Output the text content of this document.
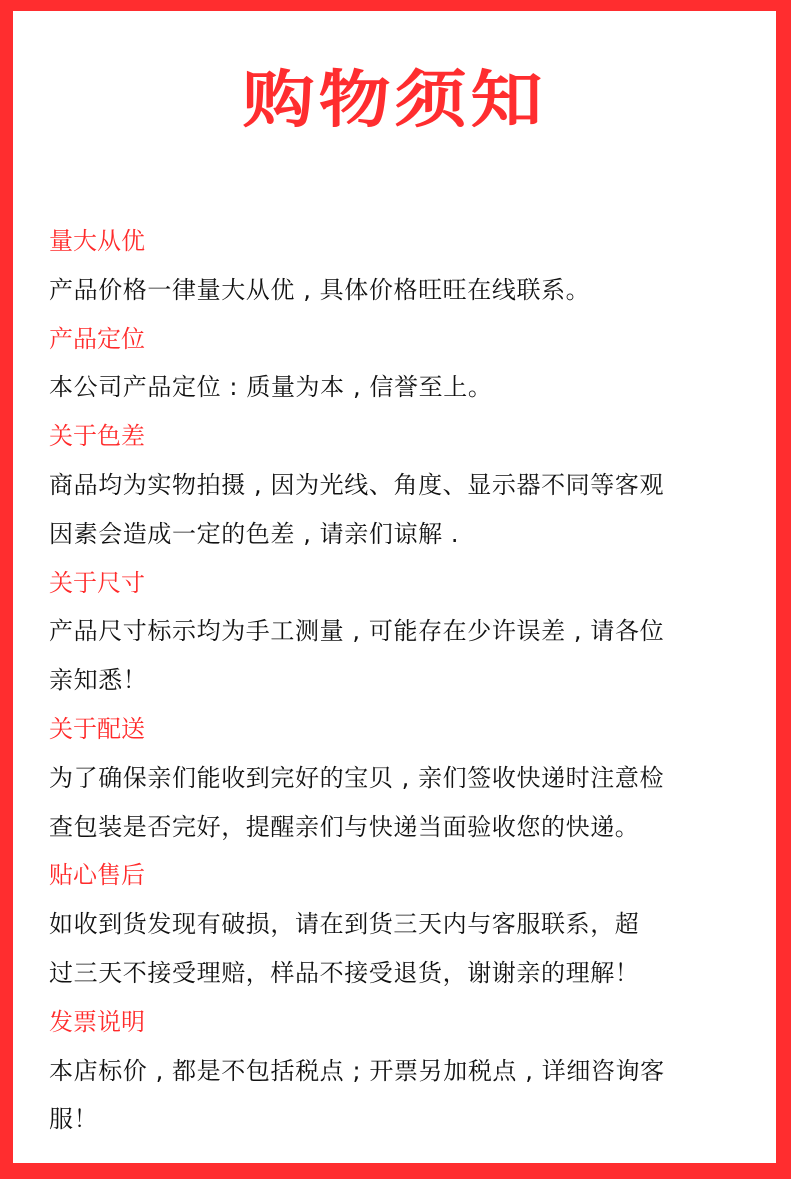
购物须知
量大从优
产品价格一律量大从优 , 具体价格旺旺在线联系。
产品定位
本公司产品定位 : 质量为本 , 信誉至上。
关于色差
商品均为实物拍摄 , 因为光线、角度、显示器不同等客观
因素会造成一定的色差 , 请亲们谅解 .
关于尺寸
产品尺寸标示均为手工测量 , 可能存在少许误差 , 请各位
亲知悉！
关于配送
为了确保亲们能收到完好的宝贝 , 亲们签收快递时注意检
查包装是否完好，提醒亲们与快递当面验收您的快递。
贴心售后
如收到货发现有破损，请在到货三天内与客服联系，超
过三天不接受理赔，样品不接受退货，谢谢亲的理解！
发票说明
本店标价 , 都是不包括税点 ; 开票另加税点 , 详细咨询客
服！
